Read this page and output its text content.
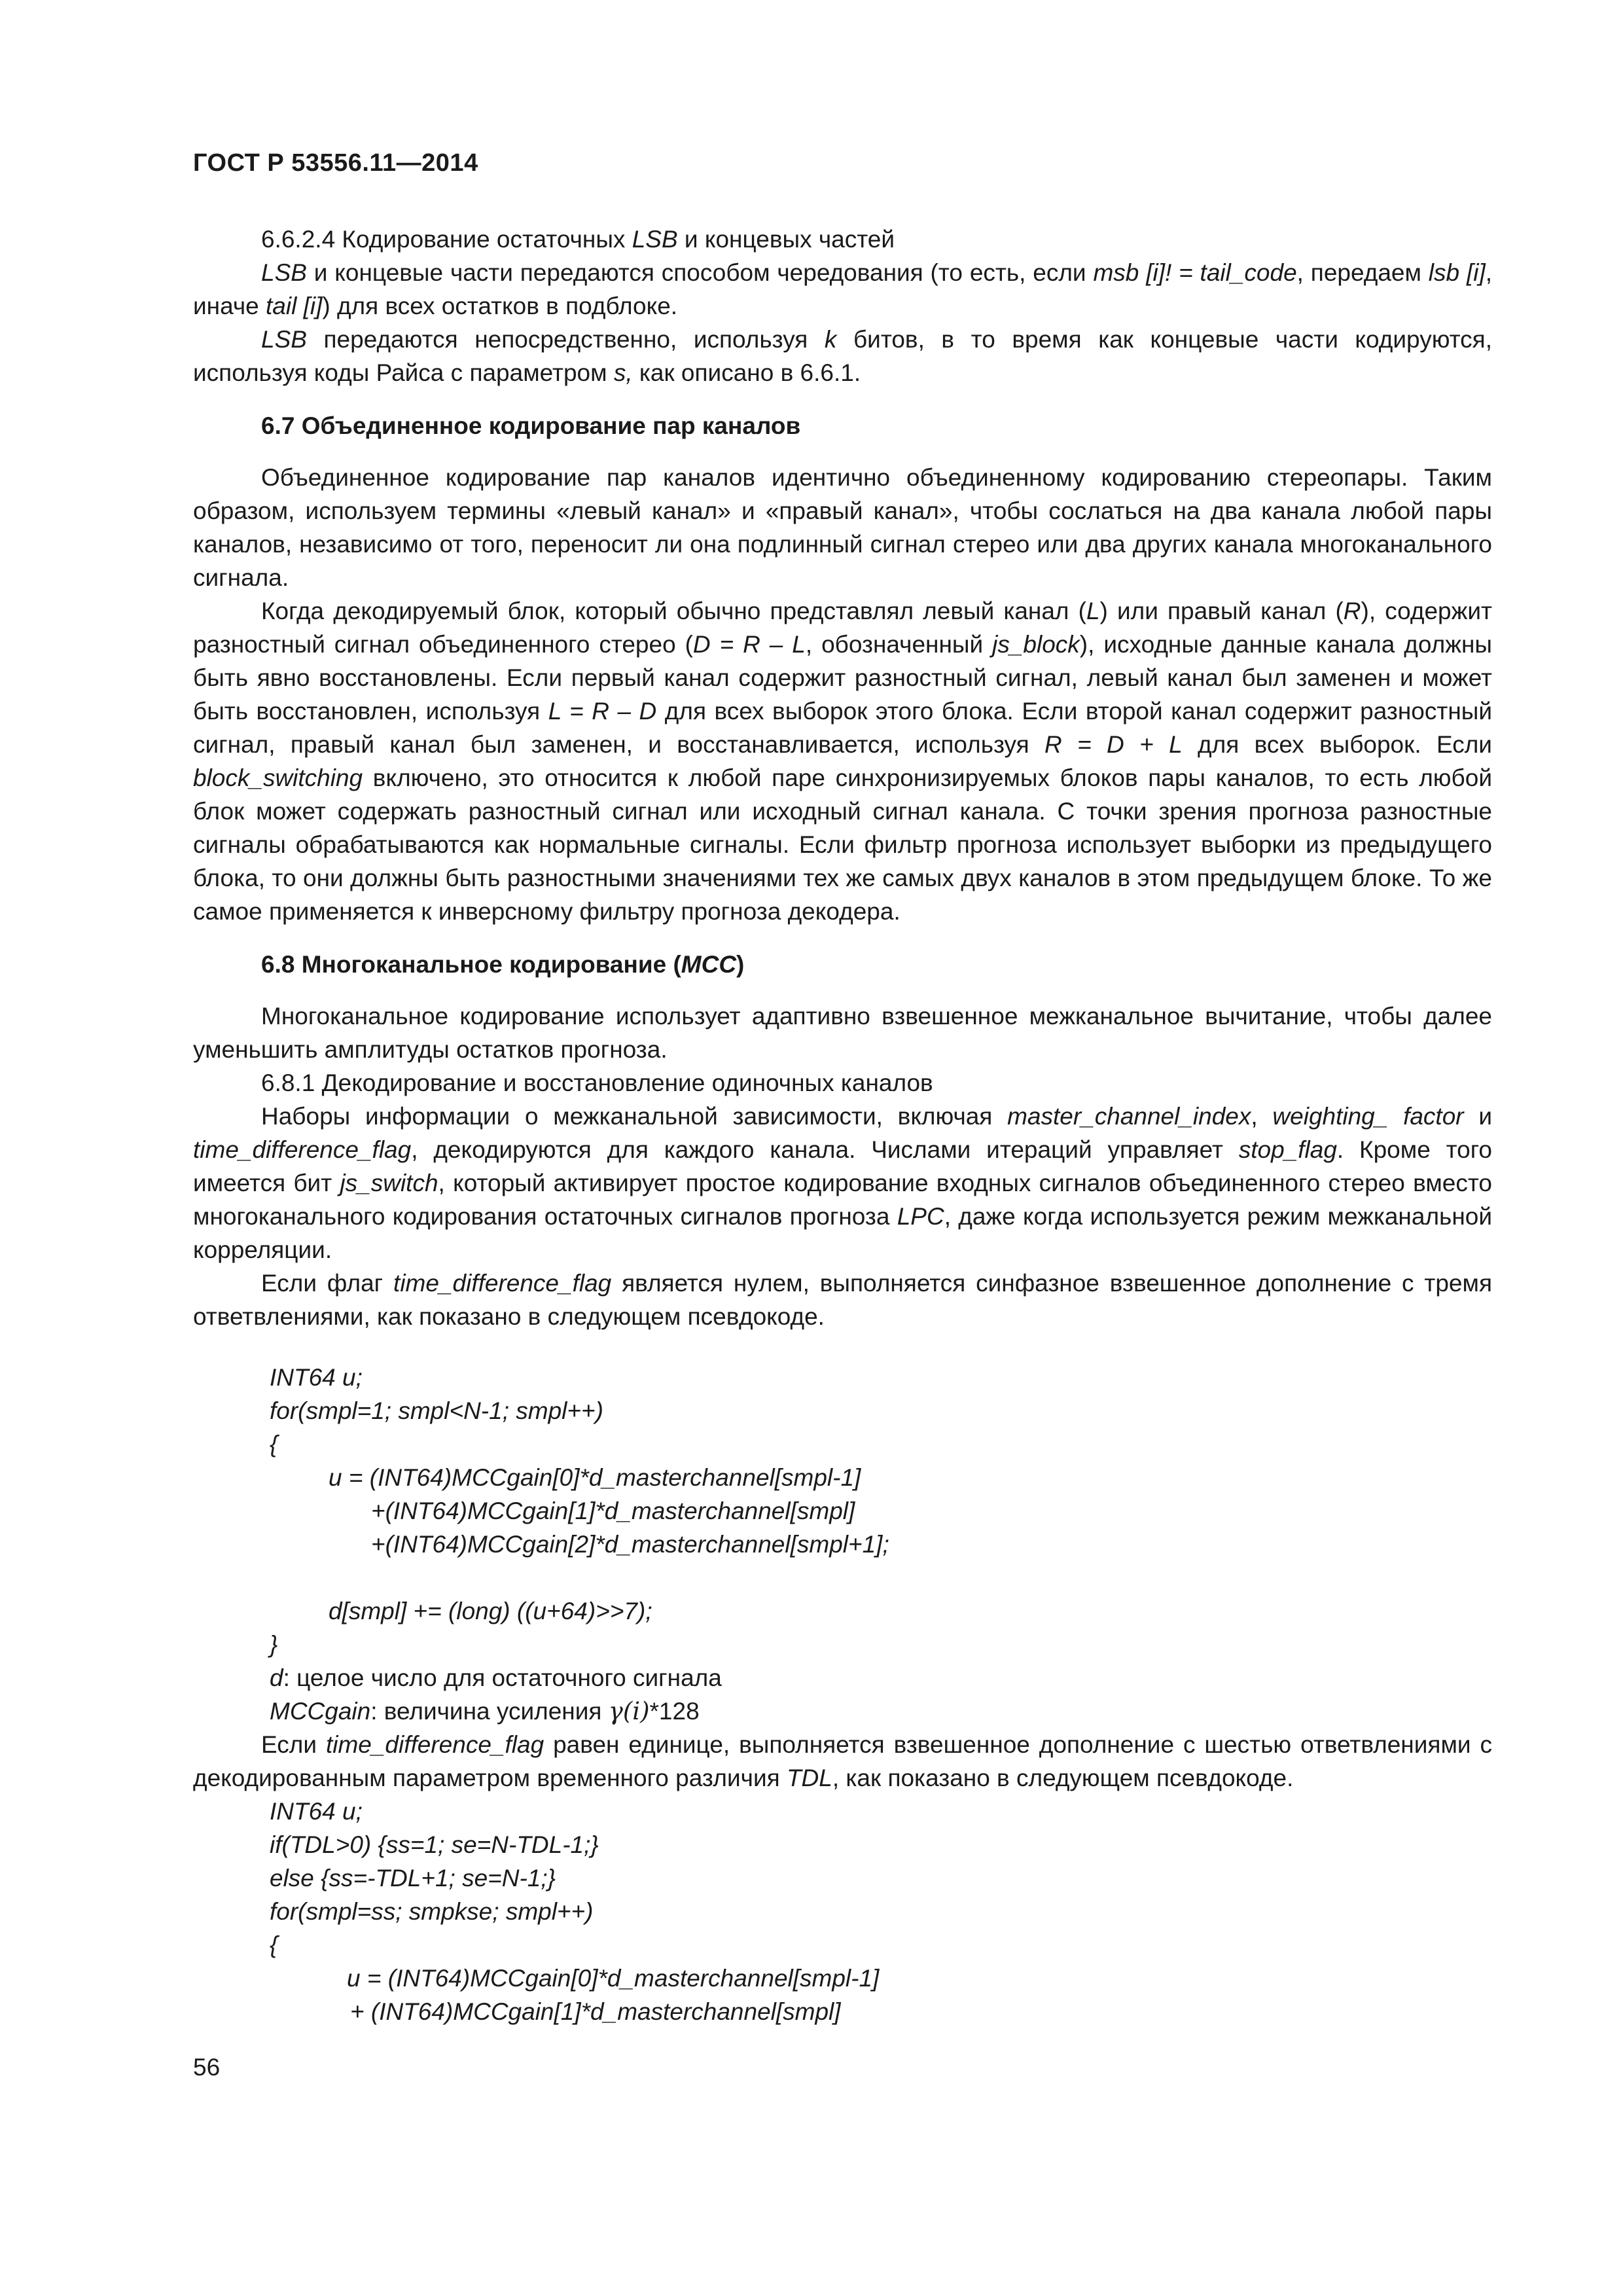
ГОСТ Р 53556.11—2014

6.6.2.4 Кодирование остаточных LSB и концевых частей

LSB и концевые части передаются способом чередования (то есть, если msb [i]! = tail_code, передаем lsb [i], иначе tail [i]) для всех остатков в подблоке.

LSB передаются непосредственно, используя k битов, в то время как концевые части кодируются, используя коды Райса с параметром s, как описано в 6.6.1.

6.7 Объединенное кодирование пар каналов

Объединенное кодирование пар каналов идентично объединенному кодированию стереопары. Таким образом, используем термины «левый канал» и «правый канал», чтобы сослаться на два канала любой пары каналов, независимо от того, переносит ли она подлинный сигнал стерео или два других канала многоканального сигнала.

Когда декодируемый блок, который обычно представлял левый канал (L) или правый канал (R), содержит разностный сигнал объединенного стерео (D = R – L, обозначенный js_block), исходные данные канала должны быть явно восстановлены. Если первый канал содержит разностный сигнал, левый канал был заменен и может быть восстановлен, используя L = R – D для всех выборок этого блока. Если второй канал содержит разностный сигнал, правый канал был заменен, и восстанавливается, используя R = D + L для всех выборок. Если block_switching включено, это относится к любой паре синхронизируемых блоков пары каналов, то есть любой блок может содержать разностный сигнал или исходный сигнал канала. С точки зрения прогноза разностные сигналы обрабатываются как нормальные сигналы. Если фильтр прогноза использует выборки из предыдущего блока, то они должны быть разностными значениями тех же самых двух каналов в этом предыдущем блоке. То же самое применяется к инверсному фильтру прогноза декодера.

6.8 Многоканальное кодирование (MCC)

Многоканальное кодирование использует адаптивно взвешенное межканальное вычитание, чтобы далее уменьшить амплитуды остатков прогноза.

6.8.1 Декодирование и восстановление одиночных каналов

Наборы информации о межканальной зависимости, включая master_channel_index, weighting_ factor и time_difference_flag, декодируются для каждого канала. Числами итераций управляет stop_flag. Кроме того имеется бит js_switch, который активирует простое кодирование входных сигналов объединенного стерео вместо многоканального кодирования остаточных сигналов прогноза LPC, даже когда используется режим межканальной корреляции.

Если флаг time_difference_flag является нулем, выполняется синфазное взвешенное дополнение с тремя ответвлениями, как показано в следующем псевдокоде.

INT64 u;
for(smpl=1; smpl<N-1; smpl++)
{
u = (INT64)MCCgain[0]*d_masterchannel[smpl-1]
+(INT64)MCCgain[1]*d_masterchannel[smpl]
+(INT64)MCCgain[2]*d_masterchannel[smpl+1];
d[smpl] += (long) ((u+64)>>7);
}

d: целое число для остаточного сигнала

MCCgain: величина усиления γ(i)*128

Если time_difference_flag равен единице, выполняется взвешенное дополнение с шестью ответвлениями с декодированным параметром временного различия TDL, как показано в следующем псевдокоде.

INT64 u;
if(TDL>0) {ss=1; se=N-TDL-1;}
else {ss=-TDL+1; se=N-1;}
for(smpl=ss; smpkse; smpl++)
{
u = (INT64)MCCgain[0]*d_masterchannel[smpl-1]
+ (INT64)MCCgain[1]*d_masterchannel[smpl]
56
